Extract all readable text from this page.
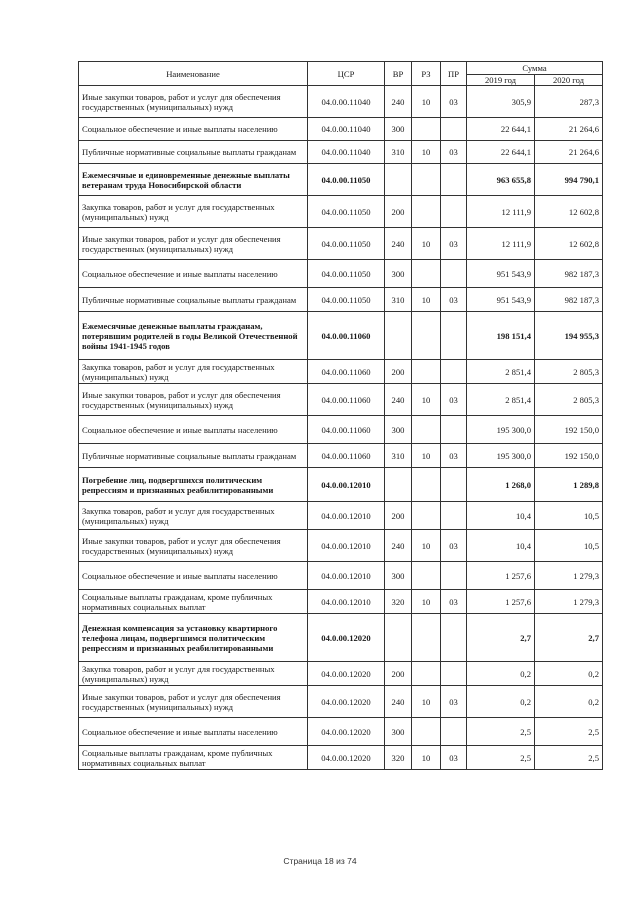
Наименование	ЦСР	ВР	РЗ	ПР	Сумма	
					2019 год	2020 год
Иные закупки товаров, работ и услуг для обеспечения государственных (муниципальных) нужд	04.0.00.11040	240	10	03	305,9	287,3
Социальное обеспечение и иные выплаты населению	04.0.00.11040	300			22 644,1	21 264,6
Публичные нормативные социальные выплаты гражданам	04.0.00.11040	310	10	03	22 644,1	21 264,6
Ежемесячные и единовременные денежные выплаты ветеранам труда Новосибирской области	04.0.00.11050				963 655,8	994 790,1
Закупка товаров, работ и услуг для государственных (муниципальных) нужд	04.0.00.11050	200			12 111,9	12 602,8
Иные закупки товаров, работ и услуг для обеспечения государственных (муниципальных) нужд	04.0.00.11050	240	10	03	12 111,9	12 602,8
Социальное обеспечение и иные выплаты населению	04.0.00.11050	300			951 543,9	982 187,3
Публичные нормативные социальные выплаты гражданам	04.0.00.11050	310	10	03	951 543,9	982 187,3
Ежемесячные денежные выплаты гражданам, потерявшим родителей в годы Великой Отечественной войны 1941-1945 годов	04.0.00.11060				198 151,4	194 955,3
Закупка товаров, работ и услуг для государственных (муниципальных) нужд	04.0.00.11060	200			2 851,4	2 805,3
Иные закупки товаров, работ и услуг для обеспечения государственных (муниципальных) нужд	04.0.00.11060	240	10	03	2 851,4	2 805,3
Социальное обеспечение и иные выплаты населению	04.0.00.11060	300			195 300,0	192 150,0
Публичные нормативные социальные выплаты гражданам	04.0.00.11060	310	10	03	195 300,0	192 150,0
Погребение лиц, подвергшихся политическим репрессиям и признанных реабилитированными	04.0.00.12010				1 268,0	1 289,8
Закупка товаров, работ и услуг для государственных (муниципальных) нужд	04.0.00.12010	200			10,4	10,5
Иные закупки товаров, работ и услуг для обеспечения государственных (муниципальных) нужд	04.0.00.12010	240	10	03	10,4	10,5
Социальное обеспечение и иные выплаты населению	04.0.00.12010	300			1 257,6	1 279,3
Социальные выплаты гражданам, кроме публичных нормативных социальных выплат	04.0.00.12010	320	10	03	1 257,6	1 279,3
Денежная компенсация за установку квартирного телефона лицам, подвергшимся политическим репрессиям и признанных реабилитированными	04.0.00.12020				2,7	2,7
Закупка товаров, работ и услуг для государственных (муниципальных) нужд	04.0.00.12020	200			0,2	0,2
Иные закупки товаров, работ и услуг для обеспечения государственных (муниципальных) нужд	04.0.00.12020	240	10	03	0,2	0,2
Социальное обеспечение и иные выплаты населению	04.0.00.12020	300			2,5	2,5
Социальные выплаты гражданам, кроме публичных нормативных социальных выплат	04.0.00.12020	320	10	03	2,5	2,5
Страница 18 из 74
